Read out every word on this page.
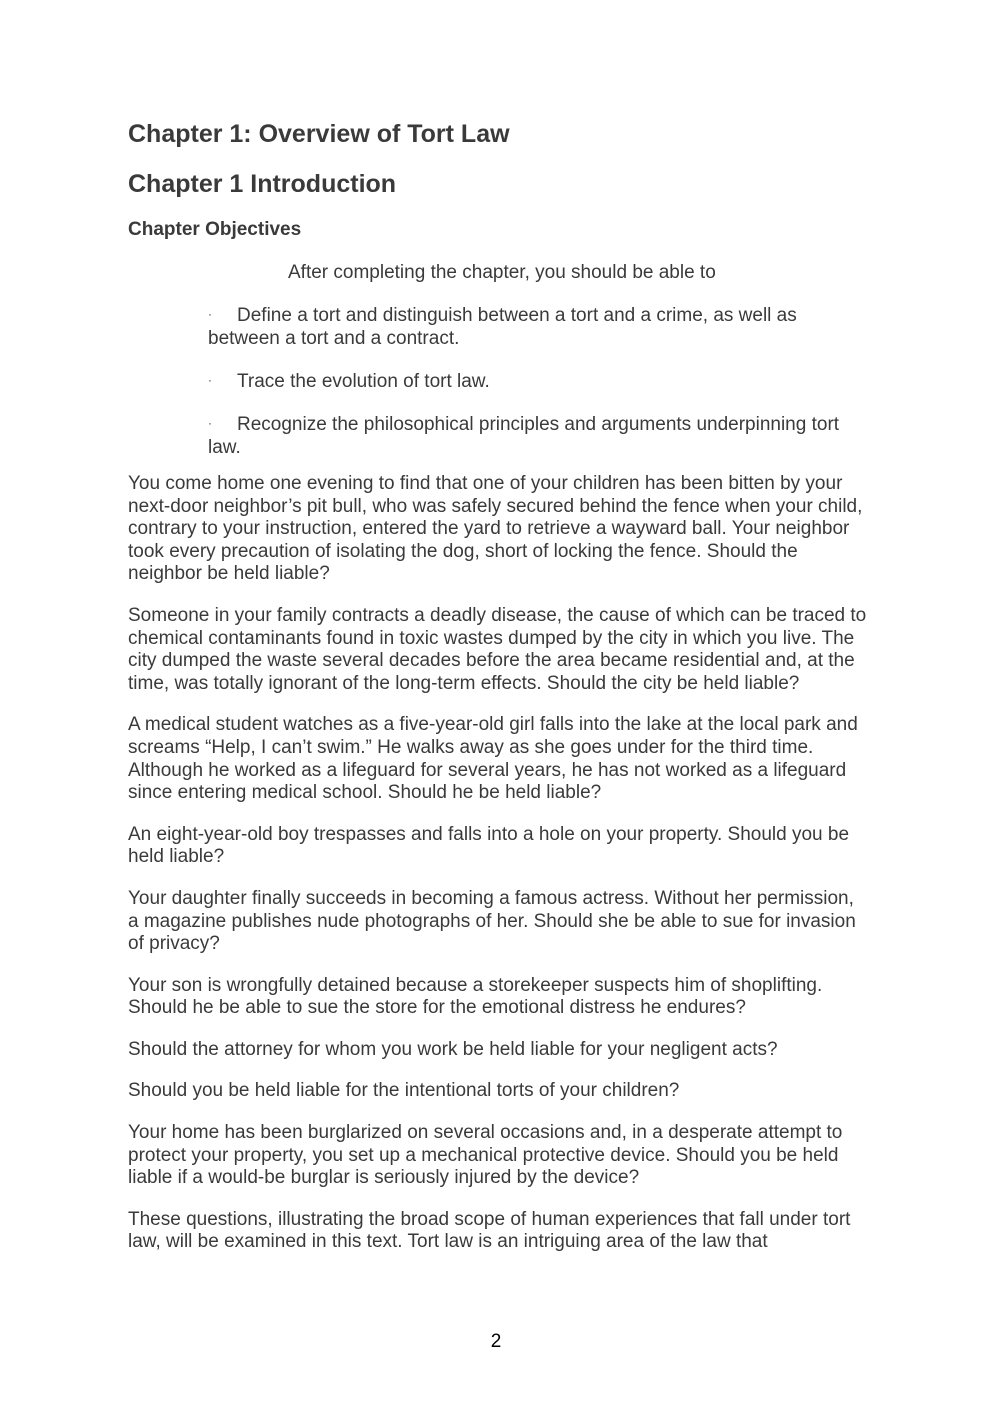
Chapter 1: Overview of Tort Law
Chapter 1 Introduction
Chapter Objectives

After completing the chapter, you should be able to

· Define a tort and distinguish between a tort and a crime, as well as between a tort and a contract.
· Trace the evolution of tort law.
· Recognize the philosophical principles and arguments underpinning tort law.

You come home one evening to find that one of your children has been bitten by your next-door neighbor’s pit bull, who was safely secured behind the fence when your child, contrary to your instruction, entered the yard to retrieve a wayward ball. Your neighbor took every precaution of isolating the dog, short of locking the fence. Should the neighbor be held liable?

Someone in your family contracts a deadly disease, the cause of which can be traced to chemical contaminants found in toxic wastes dumped by the city in which you live. The city dumped the waste several decades before the area became residential and, at the time, was totally ignorant of the long-term effects. Should the city be held liable?

A medical student watches as a five-year-old girl falls into the lake at the local park and screams “Help, I can’t swim.” He walks away as she goes under for the third time. Although he worked as a lifeguard for several years, he has not worked as a lifeguard since entering medical school. Should he be held liable?

An eight-year-old boy trespasses and falls into a hole on your property. Should you be held liable?

Your daughter finally succeeds in becoming a famous actress. Without her permission, a magazine publishes nude photographs of her. Should she be able to sue for invasion of privacy?

Your son is wrongfully detained because a storekeeper suspects him of shoplifting. Should he be able to sue the store for the emotional distress he endures?

Should the attorney for whom you work be held liable for your negligent acts?

Should you be held liable for the intentional torts of your children?

Your home has been burglarized on several occasions and, in a desperate attempt to protect your property, you set up a mechanical protective device. Should you be held liable if a would-be burglar is seriously injured by the device?

These questions, illustrating the broad scope of human experiences that fall under tort law, will be examined in this text. Tort law is an intriguing area of the law that

2
